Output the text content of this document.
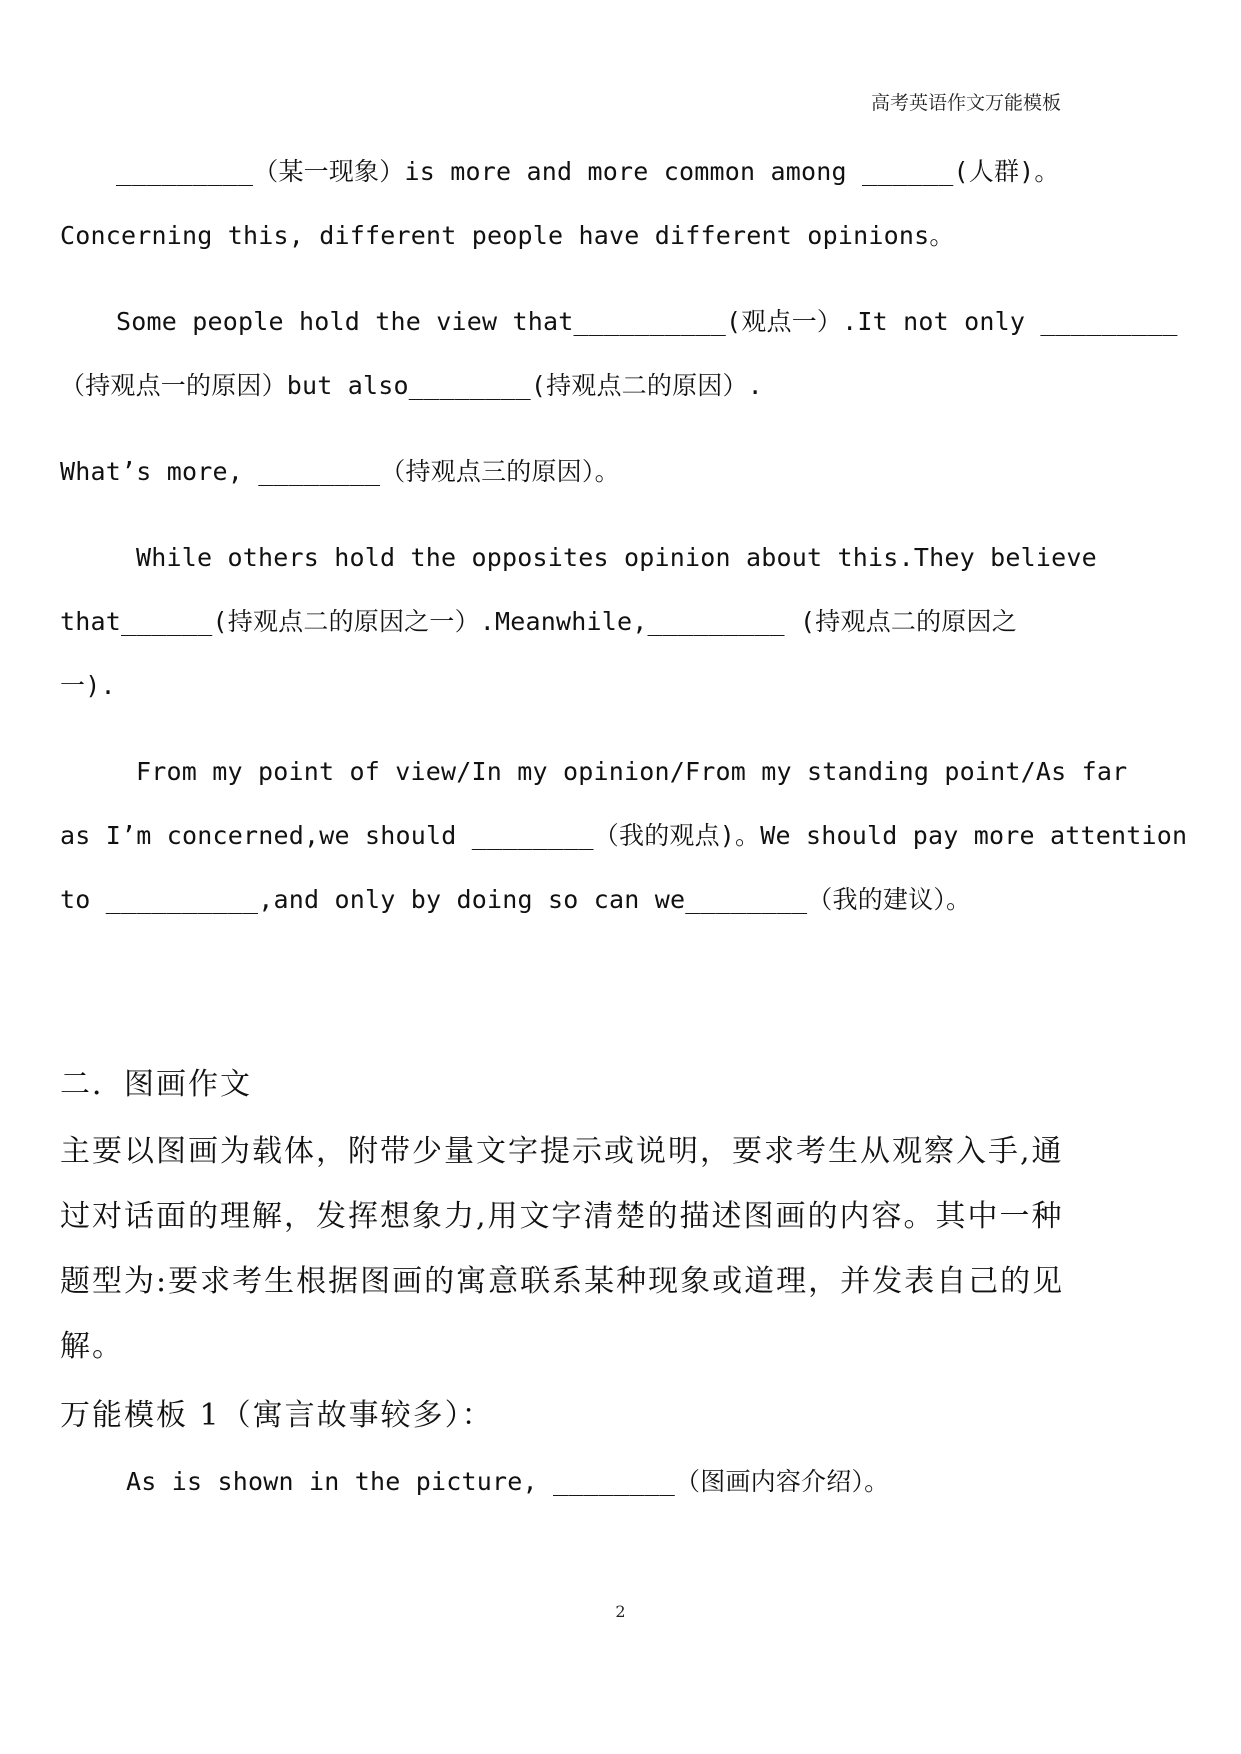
高考英语作文万能模板

_________（某一现象）is more and more common among ______(人群)。

Concerning this, different people have different opinions。

Some people hold the view that__________(观点一）.It not only _________

（持观点一的原因）but also________(持观点二的原因）.

What’s more, ________（持观点三的原因）。

While others hold the opposites opinion about this.They believe

that______(持观点二的原因之一）.Meanwhile,_________ (持观点二的原因之

一).

From my point of view/In my opinion/From my standing point/As far

as I’m concerned,we should ________（我的观点)。We should pay more attention

to __________,and only by doing so can we________（我的建议）。

二．图画作文

主要以图画为载体，附带少量文字提示或说明，要求考生从观察入手,通

过对话面的理解，发挥想象力,用文字清楚的描述图画的内容。其中一种

题型为:要求考生根据图画的寓意联系某种现象或道理，并发表自己的见

解。

万能模板 1（寓言故事较多）：

As is shown in the picture, ________（图画内容介绍）。

2
